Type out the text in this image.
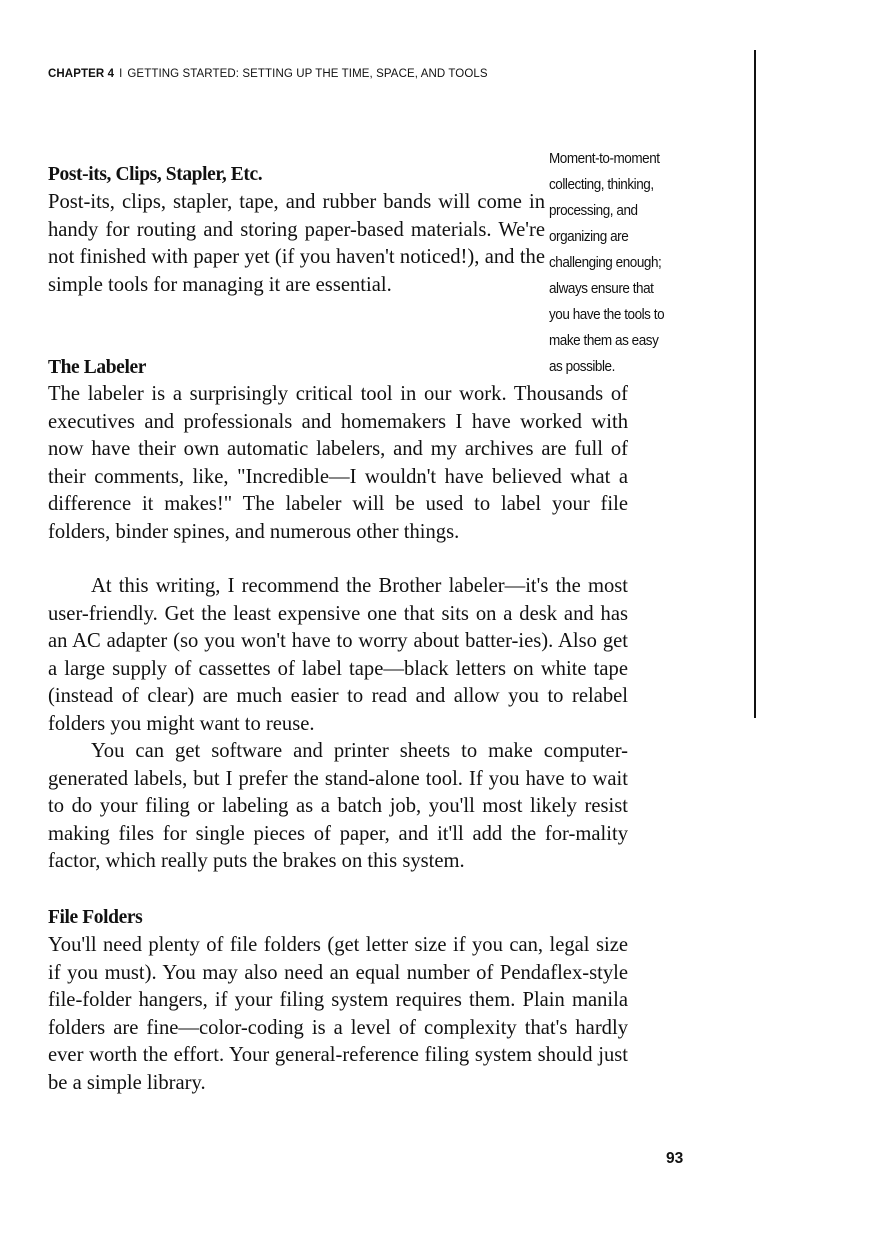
CHAPTER 4 I GETTING STARTED: SETTING UP THE TIME, SPACE, AND TOOLS

Moment-to-moment collecting, thinking, processing, and organizing are challenging enough; always ensure that you have the tools to make them as easy as possible.

Post-its, Clips, Stapler, Etc.

Post-its, clips, stapler, tape, and rubber bands will come in handy for routing and storing paper-based materials. We're not finished with paper yet (if you haven't noticed!), and the simple tools for managing it are essential.

The Labeler

The labeler is a surprisingly critical tool in our work. Thousands of executives and professionals and homemakers I have worked with now have their own automatic labelers, and my archives are full of their comments, like, "Incredible—I wouldn't have believed what a difference it makes!" The labeler will be used to label your file folders, binder spines, and numerous other things.

At this writing, I recommend the Brother labeler—it's the most user-friendly. Get the least expensive one that sits on a desk and has an AC adapter (so you won't have to worry about batter-ies). Also get a large supply of cassettes of label tape—black letters on white tape (instead of clear) are much easier to read and allow you to relabel folders you might want to reuse.

You can get software and printer sheets to make computer-generated labels, but I prefer the stand-alone tool. If you have to wait to do your filing or labeling as a batch job, you'll most likely resist making files for single pieces of paper, and it'll add the for-mality factor, which really puts the brakes on this system.

File Folders

You'll need plenty of file folders (get letter size if you can, legal size if you must). You may also need an equal number of Pendaflex-style file-folder hangers, if your filing system requires them. Plain manila folders are fine—color-coding is a level of complexity that's hardly ever worth the effort. Your general-reference filing system should just be a simple library.

93
